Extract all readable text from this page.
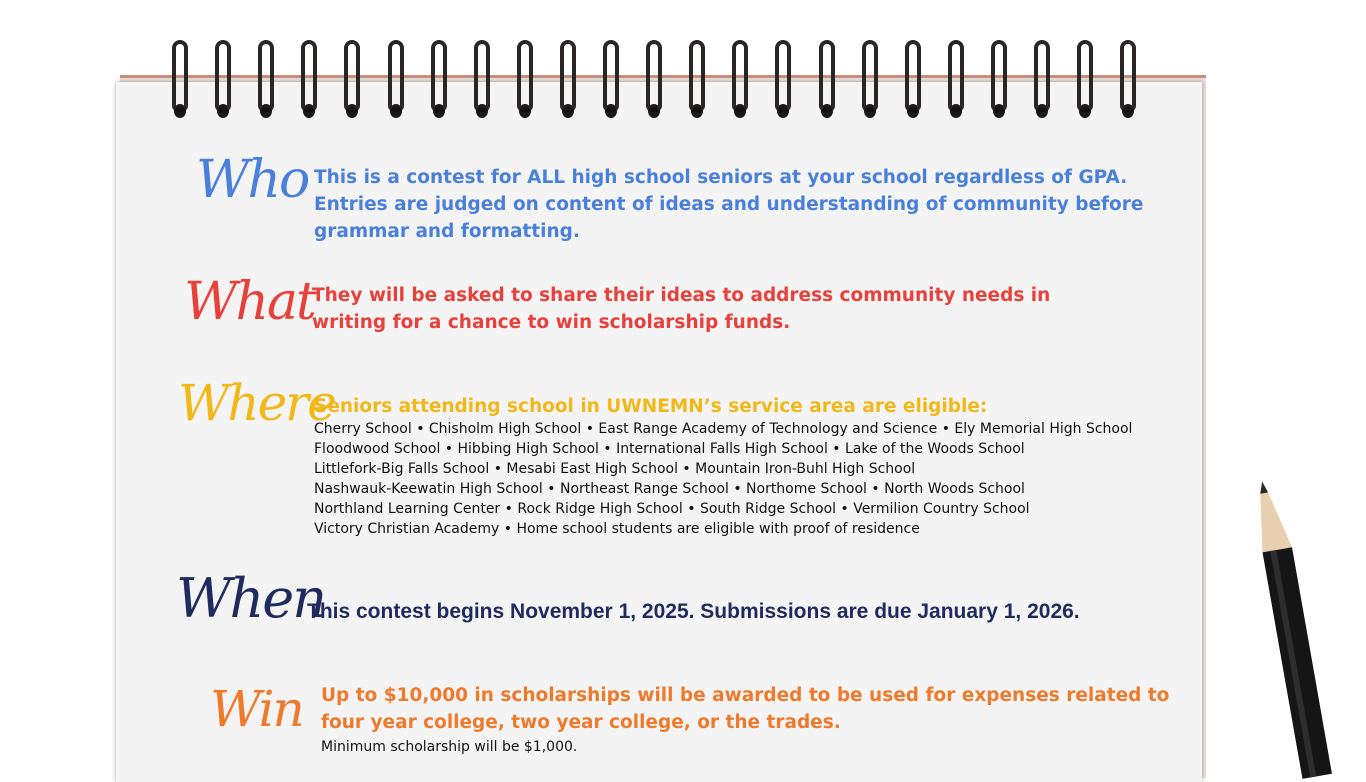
Who This is a contest for ALL high school seniors at your school regardless of GPA.
Entries are judged on content of ideas and understanding of community before
grammar and formatting.
What
They will be asked to share their ideas to address community needs in
writing for a chance to win scholarship funds.
Where
Seniors attending school in UWNEMN’s service area are eligible:
Cherry School • Chisholm High School • East Range Academy of Technology and Science • Ely Memorial High School
Floodwood School • Hibbing High School • International Falls High School • Lake of the Woods School
Littlefork-Big Falls School • Mesabi East High School • Mountain Iron-Buhl High School
Nashwauk-Keewatin High School • Northeast Range School • Northome School • North Woods School
Northland Learning Center • Rock Ridge High School • South Ridge School • Vermilion Country School
Victory Christian Academy • Home school students are eligible with proof of residence
When
This contest begins November 1, 2025. Submissions are due January 1, 2026.
Win Up to $10,000 in scholarships will be awarded to be used for expenses related to
four year college, two year college, or the trades.
Minimum scholarship will be $1,000.
